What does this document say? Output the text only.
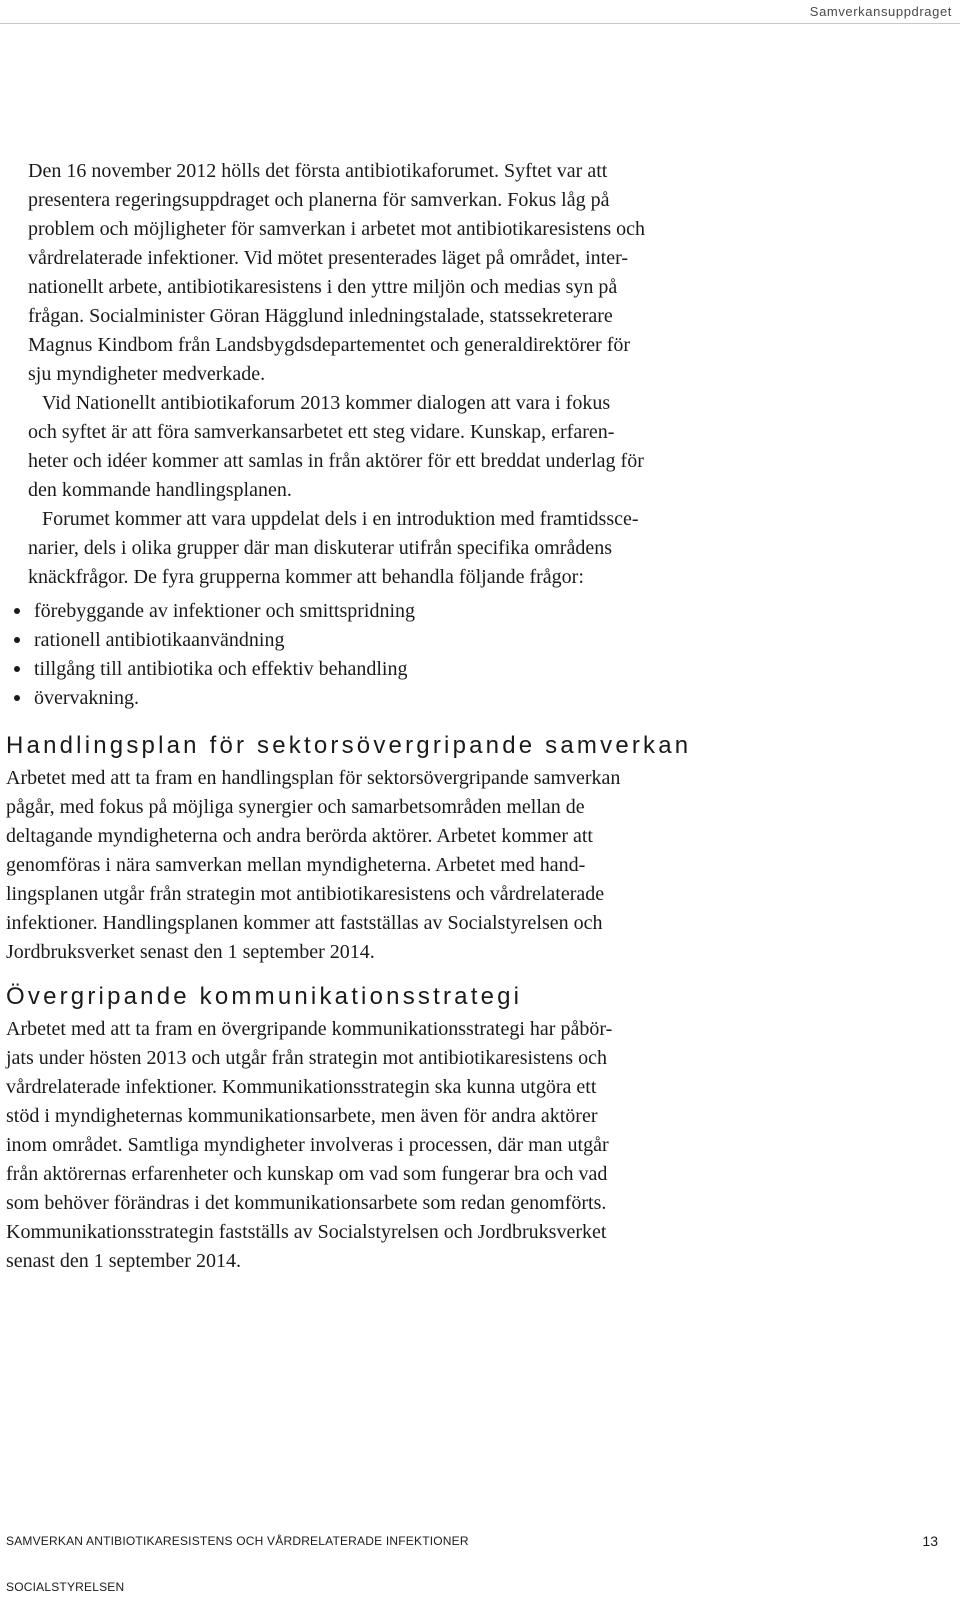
Samverkansuppdraget

Den 16 november 2012 hölls det första antibiotikaforumet. Syftet var att
presentera regeringsuppdraget och planerna för samverkan. Fokus låg på
problem och möjligheter för samverkan i arbetet mot antibiotikaresistens och
vårdrelaterade infektioner. Vid mötet presenterades läget på området, inter-
nationellt arbete, antibiotikaresistens i den yttre miljön och medias syn på
frågan. Socialminister Göran Hägglund inledningstalade, statssekreterare
Magnus Kindbom från Landsbygdsdepartementet och generaldirektörer för
sju myndigheter medverkade.

Vid Nationellt antibiotikaforum 2013 kommer dialogen att vara i fokus
och syftet är att föra samverkansarbetet ett steg vidare. Kunskap, erfaren-
heter och idéer kommer att samlas in från aktörer för ett breddat underlag för
den kommande handlingsplanen.

Forumet kommer att vara uppdelat dels i en introduktion med framtidssce-
narier, dels i olika grupper där man diskuterar utifrån specifika områdens
knäckfrågor. De fyra grupperna kommer att behandla följande frågor:

förebyggande av infektioner och smittspridning
rationell antibiotikaanvändning
tillgång till antibiotika och effektiv behandling
övervakning.
Handlingsplan för sektorsövergripande samverkan

Arbetet med att ta fram en handlingsplan för sektorsövergripande samverkan
pågår, med fokus på möjliga synergier och samarbetsområden mellan de
deltagande myndigheterna och andra berörda aktörer. Arbetet kommer att
genomföras i nära samverkan mellan myndigheterna. Arbetet med hand-
lingsplanen utgår från strategin mot antibiotikaresistens och vårdrelaterade
infektioner. Handlingsplanen kommer att fastställas av Socialstyrelsen och
Jordbruksverket senast den 1 september 2014.

Övergripande kommunikationsstrategi

Arbetet med att ta fram en övergripande kommunikationsstrategi har påbör-
jats under hösten 2013 och utgår från strategin mot antibiotikaresistens och
vårdrelaterade infektioner. Kommunikationsstrategin ska kunna utgöra ett
stöd i myndigheternas kommunikationsarbete, men även för andra aktörer
inom området. Samtliga myndigheter involveras i processen, där man utgår
från aktörernas erfarenheter och kunskap om vad som fungerar bra och vad
som behöver förändras i det kommunikationsarbete som redan genomförts.
Kommunikationsstrategin fastställs av Socialstyrelsen och Jordbruksverket
senast den 1 september 2014.

SAMVERKAN ANTIBIOTIKARESISTENS OCH VÅRDRELATERADE INFEKTIONER
SOCIALSTYRELSEN
13
